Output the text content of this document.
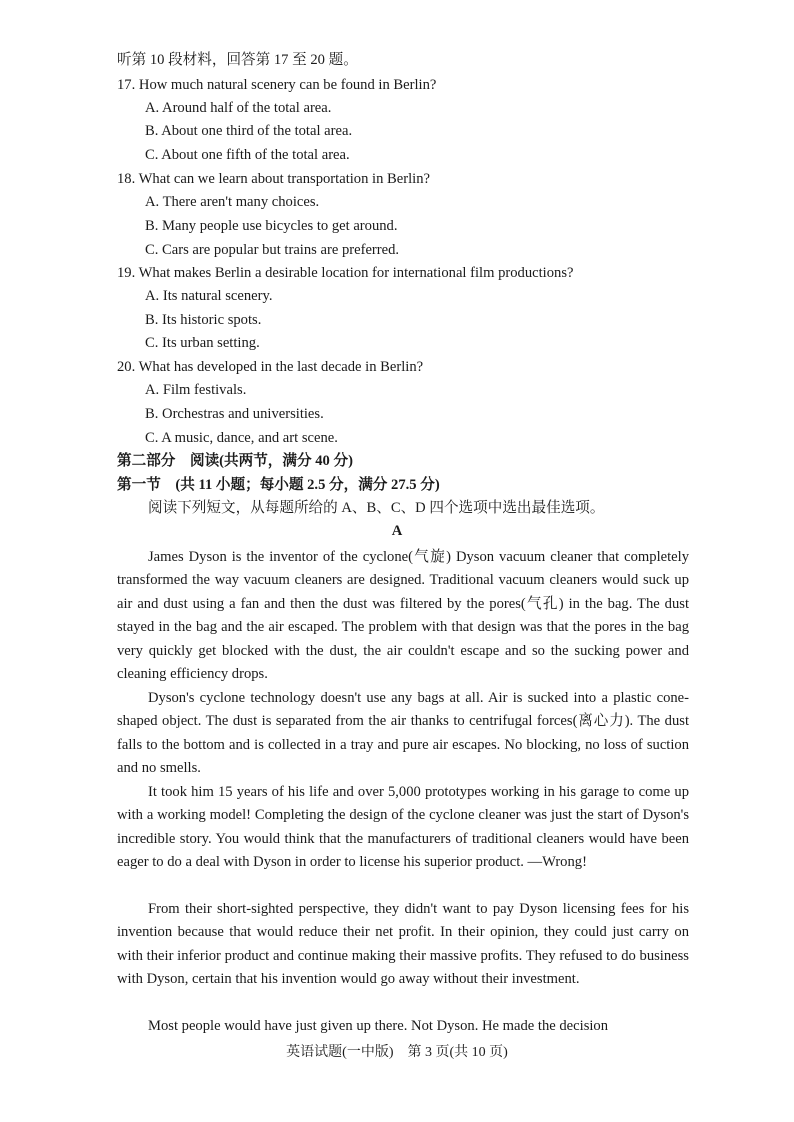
听第 10 段材料，回答第 17 至 20 题。
17. How much natural scenery can be found in Berlin?
A. Around half of the total area.
B. About one third of the total area.
C. About one fifth of the total area.
18. What can we learn about transportation in Berlin?
A. There aren't many choices.
B. Many people use bicycles to get around.
C. Cars are popular but trains are preferred.
19. What makes Berlin a desirable location for international film productions?
A. Its natural scenery.
B. Its historic spots.
C. Its urban setting.
20. What has developed in the last decade in Berlin?
A. Film festivals.
B. Orchestras and universities.
C. A music, dance, and art scene.
第二部分　阅读(共两节，满分 40 分)
第一节　(共 11 小题；每小题 2.5 分，满分 27.5 分)
阅读下列短文，从每题所给的 A、B、C、D 四个选项中选出最佳选项。
A

James Dyson is the inventor of the cyclone(气旋) Dyson vacuum cleaner that completely transformed the way vacuum cleaners are designed. Traditional vacuum cleaners would suck up air and dust using a fan and then the dust was filtered by the pores(气孔) in the bag. The dust stayed in the bag and the air escaped. The problem with that design was that the pores in the bag very quickly get blocked with the dust, the air couldn't escape and so the sucking power and cleaning efficiency drops.

Dyson's cyclone technology doesn't use any bags at all. Air is sucked into a plastic cone-shaped object. The dust is separated from the air thanks to centrifugal forces(离心力). The dust falls to the bottom and is collected in a tray and pure air escapes. No blocking, no loss of suction and no smells.

It took him 15 years of his life and over 5,000 prototypes working in his garage to come up with a working model! Completing the design of the cyclone cleaner was just the start of Dyson's incredible story. You would think that the manufacturers of traditional cleaners would have been eager to do a deal with Dyson in order to license his superior product. —Wrong!

From their short-sighted perspective, they didn't want to pay Dyson licensing fees for his invention because that would reduce their net profit. In their opinion, they could just carry on with their inferior product and continue making their massive profits. They refused to do business with Dyson, certain that his invention would go away without their investment.

Most people would have just given up there. Not Dyson. He made the decision

英语试题(一中版)　第 3 页(共 10 页)
